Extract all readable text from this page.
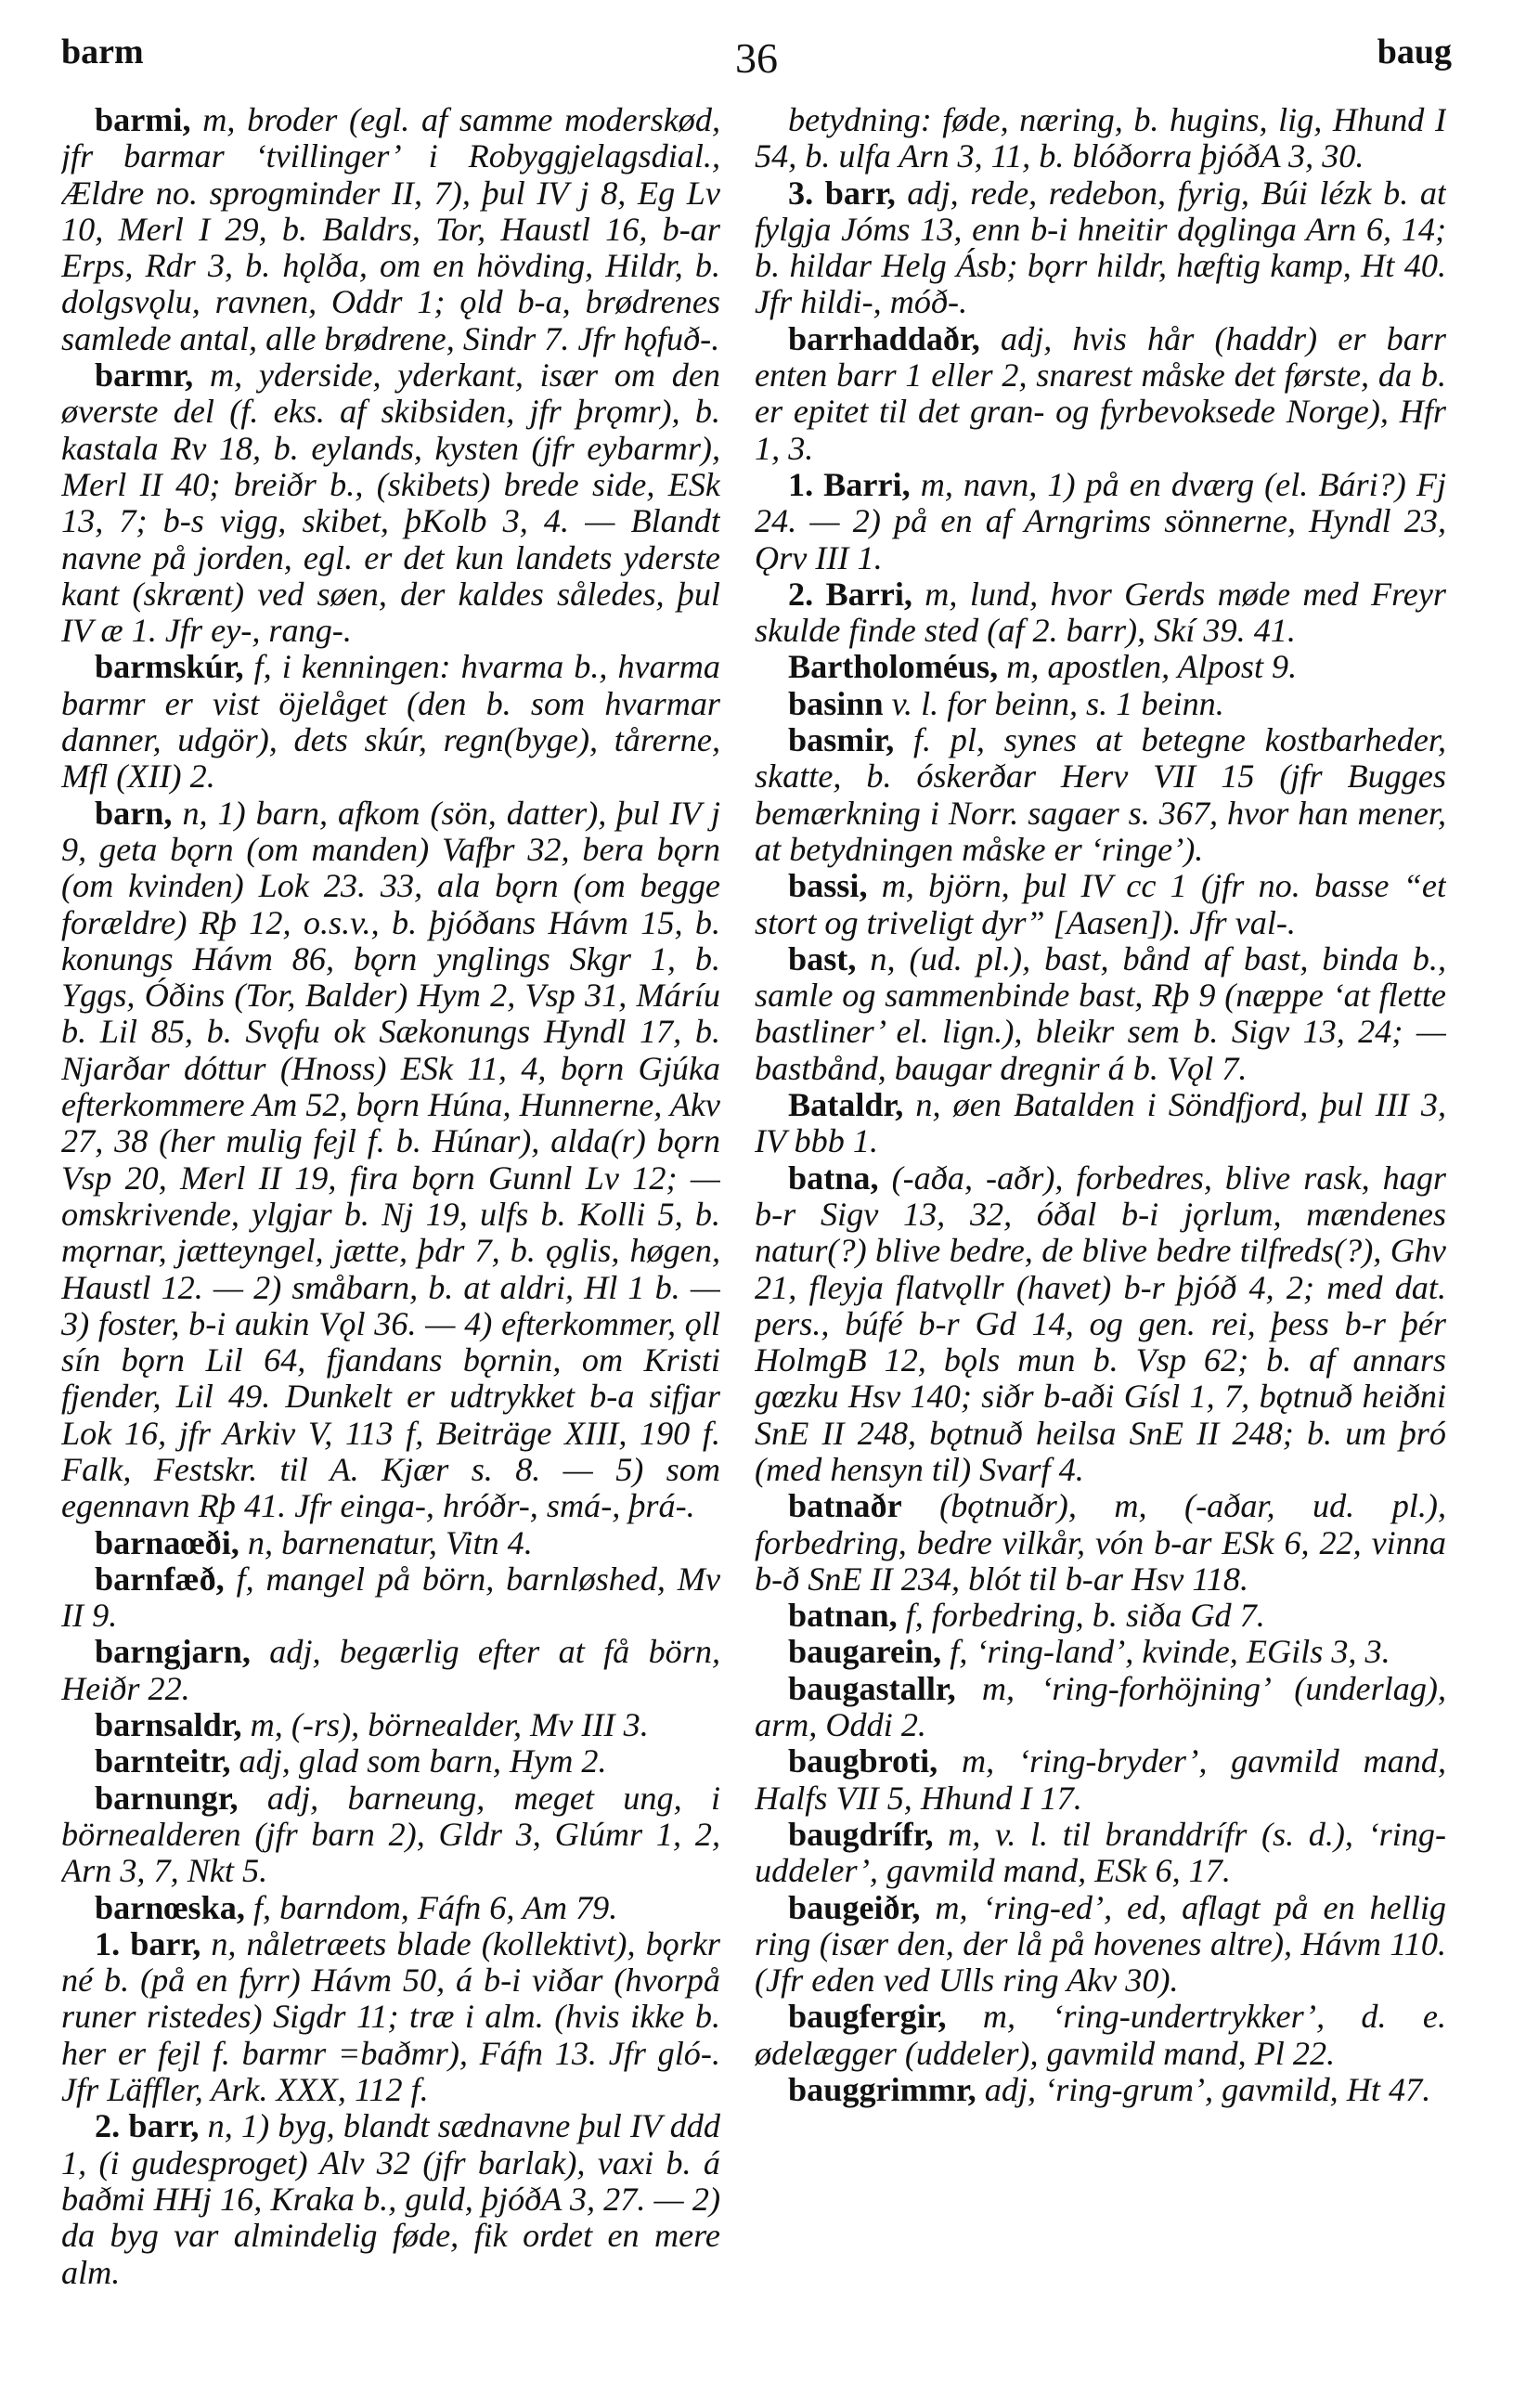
barm	36	baug

barmi, m, broder (egl. af samme moderskød, jfr barmar ‘tvillinger’ i Robyggjelagsdial., Ældre no. sprogminder II, 7), þul IV j 8, Eg Lv 10, Merl I 29, b. Baldrs, Tor, Haustl 16, b-ar Erps, Rdr 3, b. hǫlða, om en hövding, Hildr, b. dolgsvǫlu, ravnen, Oddr 1; ǫld b-a, brødrenes samlede antal, alle brødrene, Sindr 7. Jfr hǫfuð-.

barmr, m, yderside, yderkant, især om den øverste del (f. eks. af skibsiden, jfr þrǫmr), b. kastala Rv 18, b. eylands, kysten (jfr eybarmr), Merl II 40; breiðr b., (skibets) brede side, ESk 13, 7; b-s vigg, skibet, þKolb 3, 4. — Blandt navne på jorden, egl. er det kun landets yderste kant (skrænt) ved søen, der kaldes således, þul IV æ 1. Jfr ey-, rang-.

barmskúr, f, i kenningen: hvarma b., hvarma barmr er vist öjelåget (den b. som hvarmar danner, udgör), dets skúr, regn(byge), tårerne, Mfl (XII) 2.

barn, n, 1) barn, afkom (sön, datter), þul IV j 9, geta bǫrn (om manden) Vafþr 32, bera bǫrn (om kvinden) Lok 23. 33, ala bǫrn (om begge forældre) Rþ 12, o.s.v., b. þjóðans Hávm 15, b. konungs Hávm 86, bǫrn ynglings Skgr 1, b. Yggs, Óðins (Tor, Balder) Hym 2, Vsp 31, Máríu b. Lil 85, b. Svǫfu ok Sækonungs Hyndl 17, b. Njarðar dóttur (Hnoss) ESk 11, 4, bǫrn Gjúka efterkommere Am 52, bǫrn Húna, Hunnerne, Akv 27, 38 (her mulig fejl f. b. Húnar), alda(r) bǫrn Vsp 20, Merl II 19, fira bǫrn Gunnl Lv 12; — omskrivende, ylgjar b. Nj 19, ulfs b. Kolli 5, b. mǫrnar, jætteyngel, jætte, þdr 7, b. ǫglis, høgen, Haustl 12. — 2) småbarn, b. at aldri, Hl 1 b. — 3) foster, b-i aukin Vǫl 36. — 4) efterkommer, ǫll sín bǫrn Lil 64, fjandans bǫrnin, om Kristi fjender, Lil 49. Dunkelt er udtrykket b-a sifjar Lok 16, jfr Arkiv V, 113 f, Beiträge XIII, 190 f. Falk, Festskr. til A. Kjær s. 8. — 5) som egennavn Rþ 41. Jfr einga-, hróðr-, smá-, þrá-.

barnaœði, n, barnenatur, Vitn 4.

barnfæð, f, mangel på börn, barnløshed, Mv II 9.

barngjarn, adj, begærlig efter at få börn, Heiðr 22.

barnsaldr, m, (-rs), börnealder, Mv III 3.

barnteitr, adj, glad som barn, Hym 2.

barnungr, adj, barneung, meget ung, i börnealderen (jfr barn 2), Gldr 3, Glúmr 1, 2, Arn 3, 7, Nkt 5.

barnœska, f, barndom, Fáfn 6, Am 79.

1. barr, n, nåletræets blade (kollektivt), bǫrkr né b. (på en fyrr) Hávm 50, á b-i viðar (hvorpå runer ristedes) Sigdr 11; træ i alm. (hvis ikke b. her er fejl f. barmr =baðmr), Fáfn 13. Jfr gló-. Jfr Läffler, Ark. XXX, 112 f.

2. barr, n, 1) byg, blandt sædnavne þul IV ddd 1, (i gudesproget) Alv 32 (jfr barlak), vaxi b. á baðmi HHj 16, Kraka b., guld, þjóðA 3, 27. — 2) da byg var almindelig føde, fik ordet en mere alm.

betydning: føde, næring, b. hugins, lig, Hhund I 54, b. ulfa Arn 3, 11, b. blóðorra þjóðA 3, 30.

3. barr, adj, rede, redebon, fyrig, Búi lézk b. at fylgja Jóms 13, enn b-i hneitir dǫglinga Arn 6, 14; b. hildar Helg Ásb; bǫrr hildr, hæftig kamp, Ht 40. Jfr hildi-, móð-.

barrhaddaðr, adj, hvis hår (haddr) er barr enten barr 1 eller 2, snarest måske det første, da b. er epitet til det gran- og fyrbevoksede Norge), Hfr 1, 3.

1. Barri, m, navn, 1) på en dværg (el. Bári?) Fj 24. — 2) på en af Arngrims sönnerne, Hyndl 23, Ǫrv III 1.

2. Barri, m, lund, hvor Gerds møde med Freyr skulde finde sted (af 2. barr), Skí 39. 41.

Bartholoméus, m, apostlen, Alpost 9.

basinn v. l. for beinn, s. 1 beinn.

basmir, f. pl, synes at betegne kostbarheder, skatte, b. óskerðar Herv VII 15 (jfr Bugges bemærkning i Norr. sagaer s. 367, hvor han mener, at betydningen måske er ‘ringe’).

bassi, m, björn, þul IV cc 1 (jfr no. basse “et stort og triveligt dyr” [Aasen]). Jfr val-.

bast, n, (ud. pl.), bast, bånd af bast, binda b., samle og sammenbinde bast, Rþ 9 (næppe ‘at flette bastliner’ el. lign.), bleikr sem b. Sigv 13, 24; — bastbånd, baugar dregnir á b. Vǫl 7.

Bataldr, n, øen Batalden i Söndfjord, þul III 3, IV bbb 1.

batna, (-aða, -aðr), forbedres, blive rask, hagr b-r Sigv 13, 32, óðal b-i jǫrlum, mændenes natur(?) blive bedre, de blive bedre tilfreds(?), Ghv 21, fleyja flatvǫllr (havet) b-r þjóð 4, 2; med dat. pers., búfé b-r Gd 14, og gen. rei, þess b-r þér HolmgB 12, bǫls mun b. Vsp 62; b. af annars gœzku Hsv 140; siðr b-aði Gísl 1, 7, bǫtnuð heiðni SnE II 248, bǫtnuð heilsa SnE II 248; b. um þró (med hensyn til) Svarf 4.

batnaðr (bǫtnuðr), m, (-aðar, ud. pl.), forbedring, bedre vilkår, vón b-ar ESk 6, 22, vinna b-ð SnE II 234, blót til b-ar Hsv 118.

batnan, f, forbedring, b. siða Gd 7.

baugarein, f, ‘ring-land’, kvinde, EGils 3, 3.

baugastallr, m, ‘ring-forhöjning’ (underlag), arm, Oddi 2.

baugbroti, m, ‘ring-bryder’, gavmild mand, Halfs VII 5, Hhund I 17.

baugdrífr, m, v. l. til branddrífr (s. d.), ‘ring-uddeler’, gavmild mand, ESk 6, 17.

baugeiðr, m, ‘ring-ed’, ed, aflagt på en hellig ring (især den, der lå på hovenes altre), Hávm 110. (Jfr eden ved Ulls ring Akv 30).

baugfergir, m, ‘ring-undertrykker’, d. e. ødelægger (uddeler), gavmild mand, Pl 22.

bauggrimmr, adj, ‘ring-grum’, gavmild, Ht 47.
